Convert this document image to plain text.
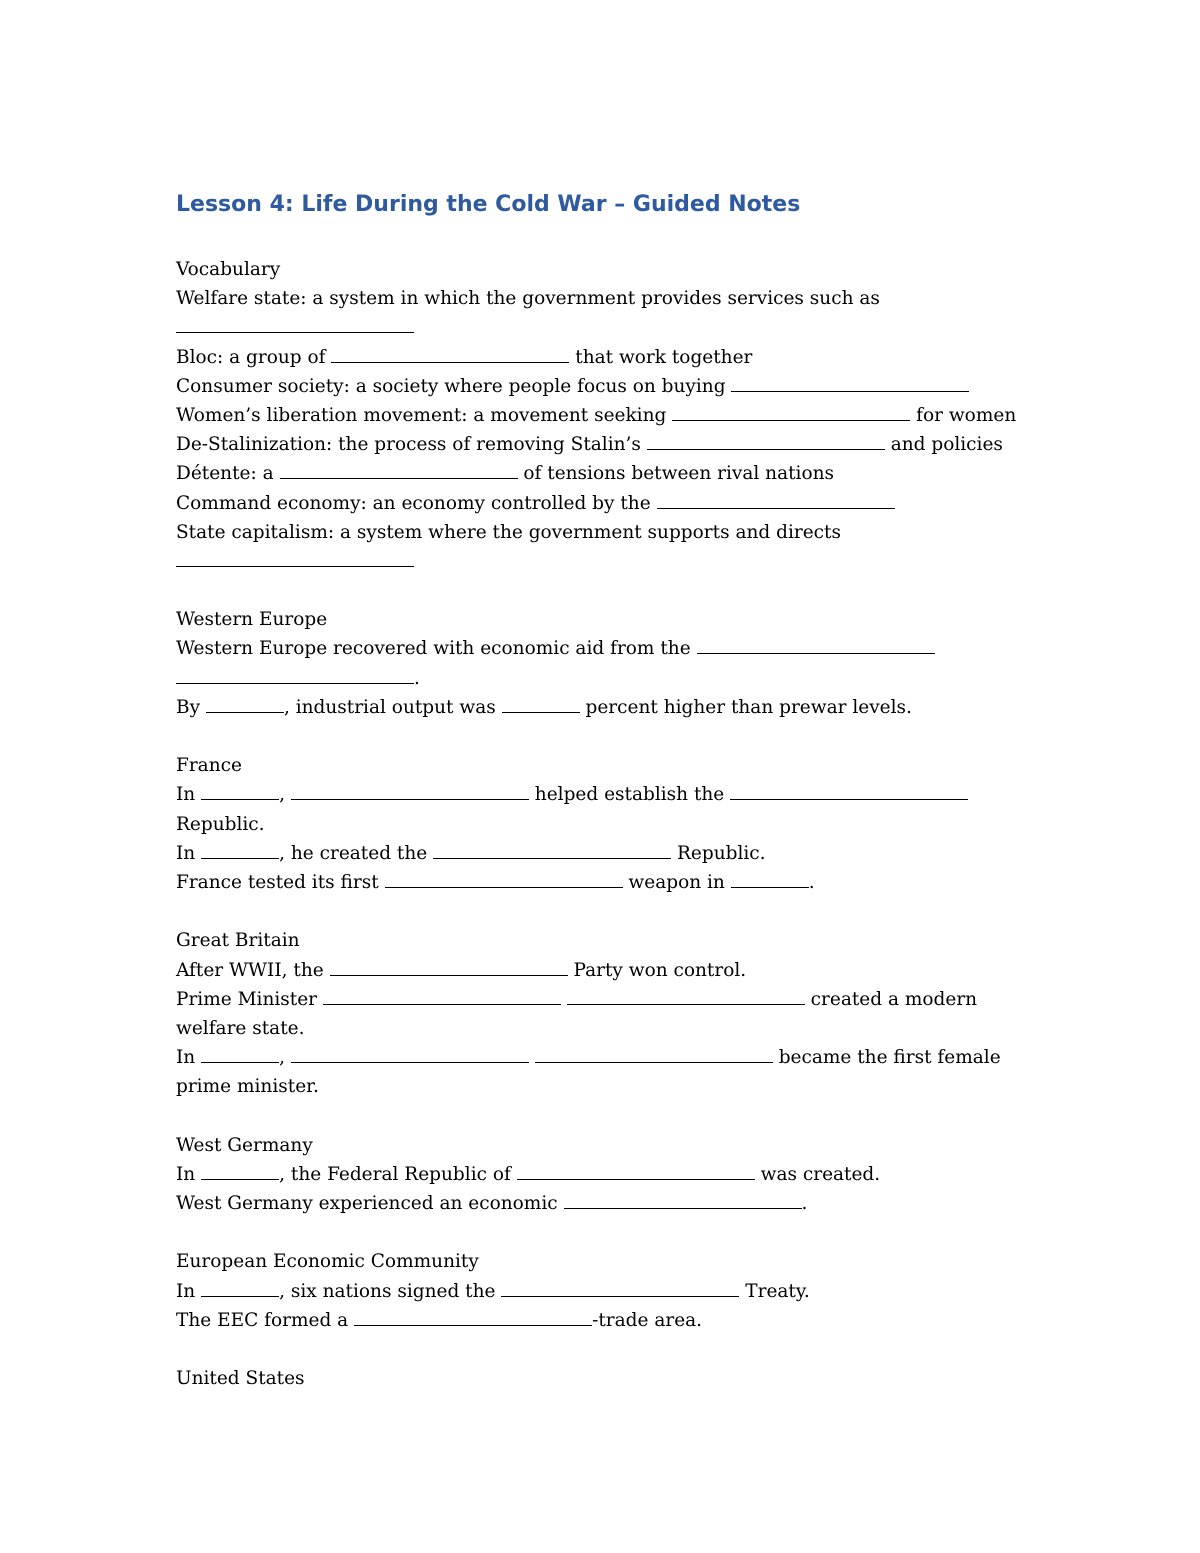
Lesson 4: Life During the Cold War – Guided Notes
Vocabulary
Welfare state: a system in which the government provides services such as
Bloc: a group of	that work together
Consumer society: a society where people focus on buying
Women’s liberation movement: a movement seeking	for women
De-Stalinization: the process of removing Stalin’s	and policies
Détente: a	of tensions between rival nations
Command economy: an economy controlled by the
State capitalism: a system where the government supports and directs
Western Europe
Western Europe recovered with economic aid from the
.
By	, industrial output was	percent higher than prewar levels.
France
In	,	helped establish the
Republic.
In	, he created the	Republic.
France tested its first	weapon in	.
Great Britain
After WWII, the	Party won control.
Prime Minister	created a modern
welfare state.
In	,	became the first female
prime minister.
West Germany
In	, the Federal Republic of	was created.
West Germany experienced an economic	.
European Economic Community
In	, six nations signed the	Treaty.
The EEC formed a	-trade area.
United States
